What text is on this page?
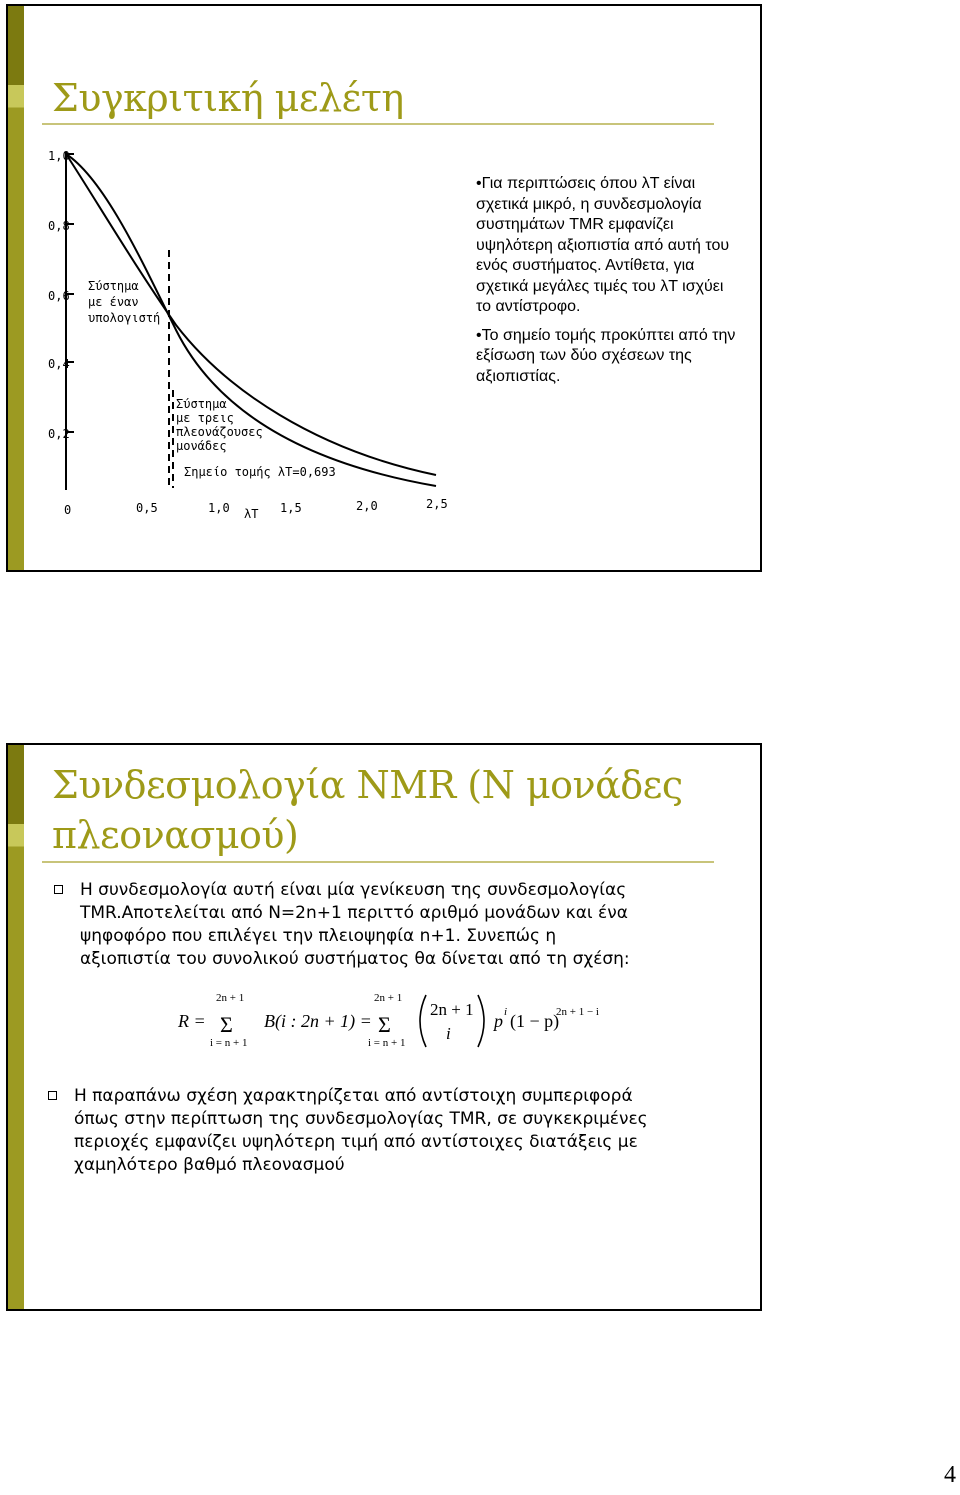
Συγκριτική μελέτη
1,0
0,8
0,6
0,4
0,2
0	0,5	1,0	1,5	2,0	2,5
λT
Σύστημα
με έναν
υπολογιστή
Σύστημα
με τρεις
πλεονάζουσες
μονάδες
Σημείο τομής λT=0,693
•Για περιπτώσεις όπου λT είναι σχετικά μικρό, η συνδεσμολογία συστημάτων TMR εμφανίζει υψηλότερη αξιοπιστία από αυτή του ενός συστήματος. Αντίθετα, για σχετικά μεγάλες τιμές του λT ισχύει το αντίστροφο.
•Το σημείο τομής προκύπτει από την εξίσωση των δύο σχέσεων της αξιοπιστίας.
Συνδεσμολογία NMR (N μονάδες
πλεονασμού)
Η συνδεσμολογία αυτή είναι μία γενίκευση της συνδεσμολογίας
TMR.Αποτελείται από N=2n+1 περιττό αριθμό μονάδων και ένα
ψηφοφόρο που επιλέγει την πλειοψηφία n+1. Συνεπώς η
αξιοπιστία του συνολικού συστήματος θα δίνεται από τη σχέση:
R =
2n + 1
Σ
i = n + 1
B(i : 2n + 1) =
2n + 1
Σ
i = n + 1
2n + 1
i
p i (1 − p)
2n + 1 − i
Η παραπάνω σχέση χαρακτηρίζεται από αντίστοιχη συμπεριφορά
όπως στην περίπτωση της συνδεσμολογίας TMR, σε συγκεκριμένες
περιοχές εμφανίζει υψηλότερη τιμή από αντίστοιχες διατάξεις με
χαμηλότερο βαθμό πλεονασμού
4
